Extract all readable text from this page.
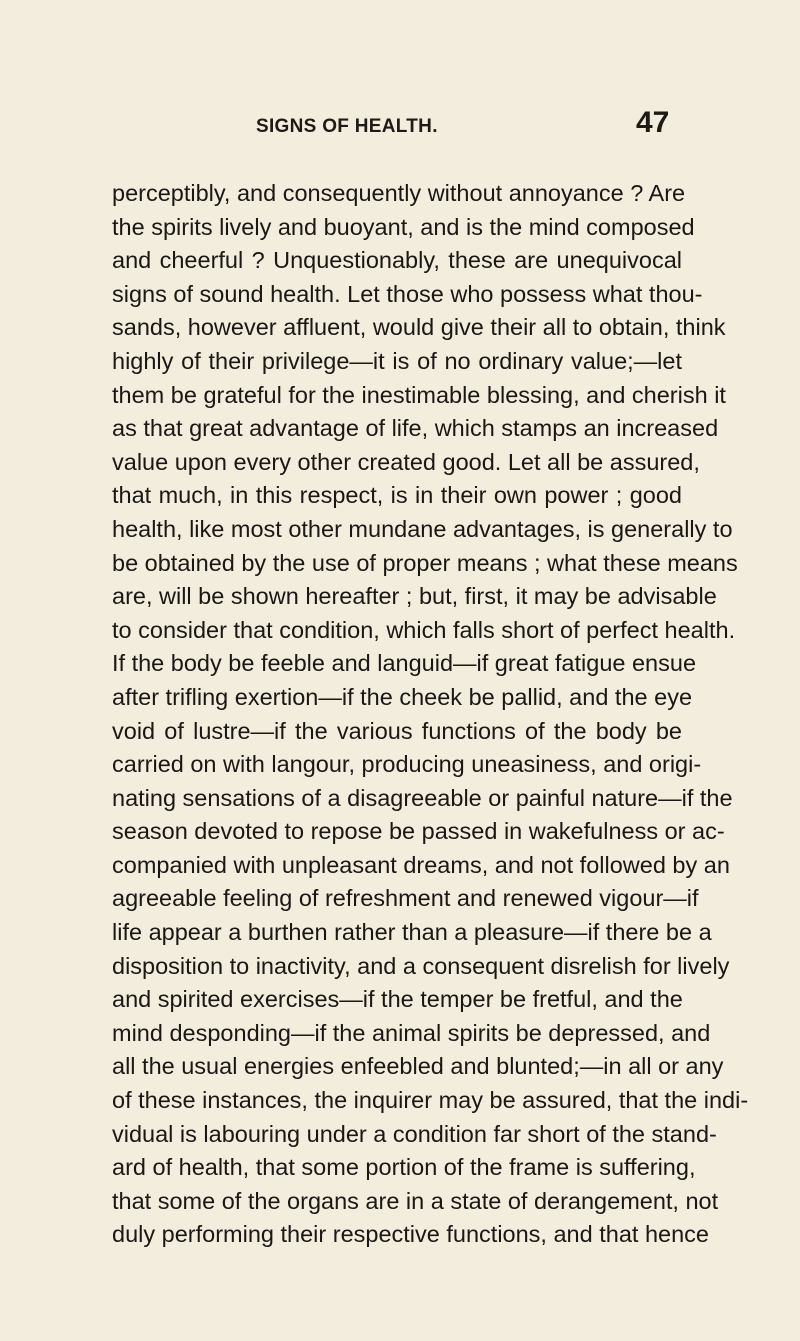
SIGNS OF HEALTH.	47
perceptibly, and consequently without annoyance ? Are
the spirits lively and buoyant, and is the mind composed
and cheerful ? Unquestionably, these are unequivocal
signs of sound health. Let those who possess what thou-
sands, however affluent, would give their all to obtain, think
highly of their privilege—it is of no ordinary value;—let
them be grateful for the inestimable blessing, and cherish it
as that great advantage of life, which stamps an increased
value upon every other created good. Let all be assured,
that much, in this respect, is in their own power ; good
health, like most other mundane advantages, is generally to
be obtained by the use of proper means ; what these means
are, will be shown hereafter ; but, first, it may be advisable
to consider that condition, which falls short of perfect health.
If the body be feeble and languid—if great fatigue ensue
after trifling exertion—if the cheek be pallid, and the eye
void of lustre—if the various functions of the body be
carried on with langour, producing uneasiness, and origi-
nating sensations of a disagreeable or painful nature—if the
season devoted to repose be passed in wakefulness or ac-
companied with unpleasant dreams, and not followed by an
agreeable feeling of refreshment and renewed vigour—if
life appear a burthen rather than a pleasure—if there be a
disposition to inactivity, and a consequent disrelish for lively
and spirited exercises—if the temper be fretful, and the
mind desponding—if the animal spirits be depressed, and
all the usual energies enfeebled and blunted;—in all or any
of these instances, the inquirer may be assured, that the indi-
vidual is labouring under a condition far short of the stand-
ard of health, that some portion of the frame is suffering,
that some of the organs are in a state of derangement, not
duly performing their respective functions, and that hence
